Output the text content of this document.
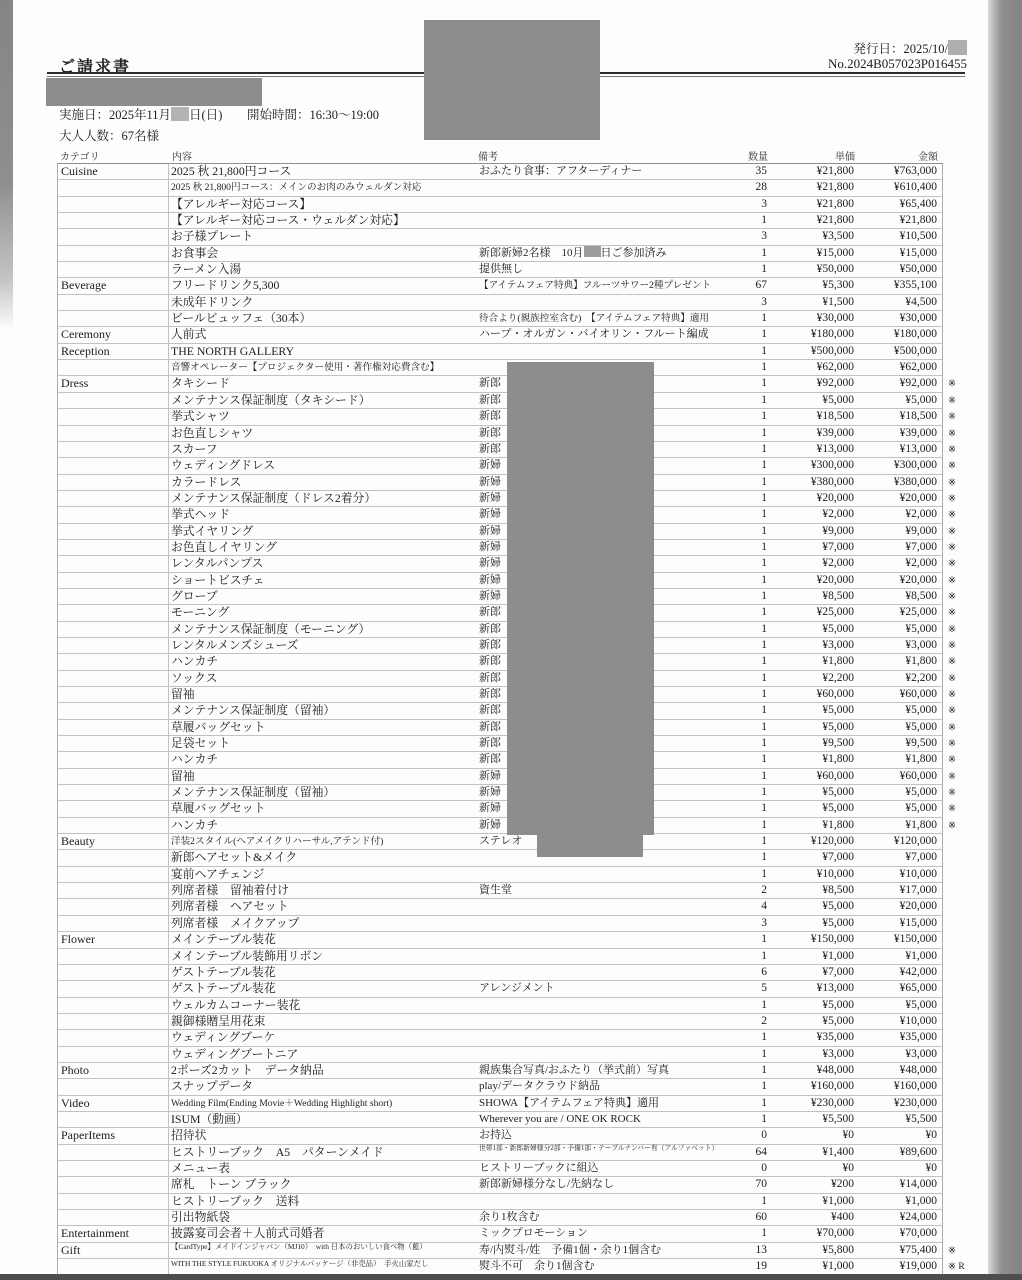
ご請求書
発行日：2025/10/
No.2024B057023P016455
実施日：2025年11月 日(日) 開始時間：16:30～19:00
大人人数：67名様
カテゴリ	内容	備考	数量	単価	金額
Cuisine	2025 秋 21,800円コース	おふたり食事：アフターディナー	35	¥21,800	¥763,000
2025 秋 21,800円コース：メインのお肉のみウェルダン対応	28	¥21,800	¥610,400
【アレルギー対応コース】	3	¥21,800	¥65,400
【アレルギー対応コース・ウェルダン対応】	1	¥21,800	¥21,800
お子様プレート	3	¥3,500	¥10,500
お食事会	新郎新婦2名様　10月 日ご参加済み	1	¥15,000	¥15,000
ラーメン入湯	提供無し	1	¥50,000	¥50,000
Beverage	フリードリンク5,300	【アイテムフェア特典】フルーツサワー2種プレゼント	67	¥5,300	¥355,100
未成年ドリンク	3	¥1,500	¥4,500
ビールビュッフェ（30本）	待合より(親族控室含む)　【アイテムフェア特典】適用	1	¥30,000	¥30,000
Ceremony	人前式	ハープ・オルガン・バイオリン・フルート編成	1	¥180,000	¥180,000
Reception	THE NORTH GALLERY	1	¥500,000	¥500,000
音響オペレーター【プロジェクター使用・著作権対応費含む】	1	¥62,000	¥62,000
Dress	タキシード	新郎	1	¥92,000	¥92,000 ※
メンテナンス保証制度（タキシード）	新郎	1	¥5,000	¥5,000 ※
挙式シャツ	新郎	1	¥18,500	¥18,500 ※
お色直しシャツ	新郎	1	¥39,000	¥39,000 ※
スカーフ	新郎	1	¥13,000	¥13,000 ※
ウェディングドレス	新婦	1	¥300,000	¥300,000 ※
カラードレス	新婦	1	¥380,000	¥380,000 ※
メンテナンス保証制度（ドレス2着分）	新婦	1	¥20,000	¥20,000 ※
挙式ヘッド	新婦	1	¥2,000	¥2,000 ※
挙式イヤリング	新婦	1	¥9,000	¥9,000 ※
お色直しイヤリング	新婦	1	¥7,000	¥7,000 ※
レンタルパンプス	新婦	1	¥2,000	¥2,000 ※
ショートビスチェ	新婦	1	¥20,000	¥20,000 ※
グローブ	新婦	1	¥8,500	¥8,500 ※
モーニング	新郎	1	¥25,000	¥25,000 ※
メンテナンス保証制度（モーニング）	新郎	1	¥5,000	¥5,000 ※
レンタルメンズシューズ	新郎	1	¥3,000	¥3,000 ※
ハンカチ	新郎	1	¥1,800	¥1,800 ※
ソックス	新郎	1	¥2,200	¥2,200 ※
留袖	新郎	1	¥60,000	¥60,000 ※
メンテナンス保証制度（留袖）	新郎	1	¥5,000	¥5,000 ※
草履バッグセット	新郎	1	¥5,000	¥5,000 ※
足袋セット	新郎	1	¥9,500	¥9,500 ※
ハンカチ	新郎	1	¥1,800	¥1,800 ※
留袖	新婦	1	¥60,000	¥60,000 ※
メンテナンス保証制度（留袖）	新婦	1	¥5,000	¥5,000 ※
草履バッグセット	新婦	1	¥5,000	¥5,000 ※
ハンカチ	新婦	1	¥1,800	¥1,800 ※
Beauty	洋装2スタイル(ヘアメイクリハーサル,アテンド付)	ステレオ	1	¥120,000	¥120,000
新郎ヘアセット&メイク	1	¥7,000	¥7,000
宴前ヘアチェンジ	1	¥10,000	¥10,000
列席者様　留袖着付け	資生堂	2	¥8,500	¥17,000
列席者様　ヘアセット	4	¥5,000	¥20,000
列席者様　メイクアップ	3	¥5,000	¥15,000
Flower	メインテーブル装花	1	¥150,000	¥150,000
メインテーブル装飾用リボン	1	¥1,000	¥1,000
ゲストテーブル装花	6	¥7,000	¥42,000
ゲストテーブル装花	アレンジメント	5	¥13,000	¥65,000
ウェルカムコーナー装花	1	¥5,000	¥5,000
親御様贈呈用花束	2	¥5,000	¥10,000
ウェディングブーケ	1	¥35,000	¥35,000
ウェディングブートニア	1	¥3,000	¥3,000
Photo	2ポーズ2カット　データ納品	親族集合写真/おふたり（挙式前）写真	1	¥48,000	¥48,000
スナップデータ	play/データクラウド納品	1	¥160,000	¥160,000
Video	Wedding Film(Ending Movie＋Wedding Highlight short)	SHOWA【アイテムフェア特典】適用	1	¥230,000	¥230,000
ISUM（動画）	Wherever you are / ONE OK ROCK	1	¥5,500	¥5,500
PaperItems	招待状	お持込	0	¥0	¥0
ヒストリーブック　A5　パターンメイド	世帯1部・新郎新婦様分2部・予備1部・テーブルナンバー有（アルファベット）	64	¥1,400	¥89,600
メニュー表	ヒストリーブックに組込	0	¥0	¥0
席札　トーン ブラック	新郎新婦様分なし/先納なし	70	¥200	¥14,000
ヒストリーブック　送料	1	¥1,000	¥1,000
引出物紙袋	余り1枚含む	60	¥400	¥24,000
Entertainment	披露宴司会者＋人前式司婚者	ミックプロモーション	1	¥70,000	¥70,000
Gift	【CardType】メイドインジャパン（MJ10）　with 日本のおいしい食べ物（藍）	寿/内熨斗/姓　予備1個・余り1個含む	13	¥5,800	¥75,400 ※
WITH THE STYLE FUKUOKA オリジナルパッケージ（非売品）　手火山家だし	熨斗不可　余り1個含む	19	¥1,000	¥19,000 ※ R
